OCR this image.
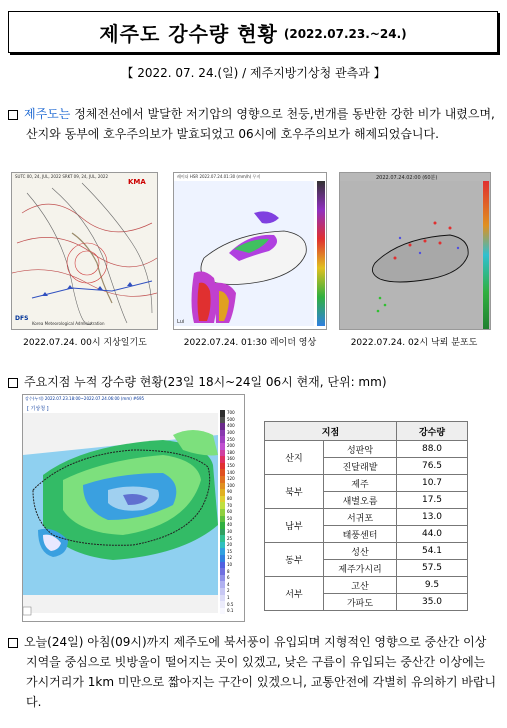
제주도 강수량 현황 (2022.07.23.~24.)
【 2022. 07. 24.(일) / 제주지방기상청 관측과 】

제주도는 정체전선에서 발달한 저기압의 영향으로 천둥,번개를 동반한 강한 비가 내렸으며, 산지와 동부에 호우주의보가 발효되었고 06시에 호우주의보가 해제되었습니다.

SUTC 00, 24, JUL, 2022 SRKT 09, 24, JUL, 2022
KMA
DFS
Korea Meteorological Administration
2022.07.24. 00시 지상일기도
레이더 HSR 2022.07.24.01:30 (mm/h) 무지
Lui
2022.07.24. 01:30 레이더 영상
2022.07.24.02:00 (60분)
2022.07.24. 02시 낙뢰 분포도
주요지점 누적 강수량 현황(23일 18시~24일 06시 현재, 단위: mm)
강수(누적) 2022.07.23.18:00~2022.07.24.06:00 (mm) #695
[ 기상청 ]
700
500
400
300
250
200
180
160
150
140
120
100
90
80
70
60
50
40
30
25
20
15
12
10
8
6
4
2
1
0.5
0.1
지점		강수량
산지	성판악	88.0
	진달래밭	76.5
북부	제주	10.7
	새별오름	17.5
남부	서귀포	13.0
	태풍센터	44.0
동부	성산	54.1
	제주가시리	57.5
서부	고산	9.5
	가파도	35.0

오늘(24일) 아침(09시)까지 제주도에 북서풍이 유입되며 지형적인 영향으로 중산간 이상 지역을 중심으로 빗방울이 떨어지는 곳이 있겠고, 낮은 구름이 유입되는 중산간 이상에는 가시거리가 1km 미만으로 짧아지는 구간이 있겠으니, 교통안전에 각별히 유의하기 바랍니다.
